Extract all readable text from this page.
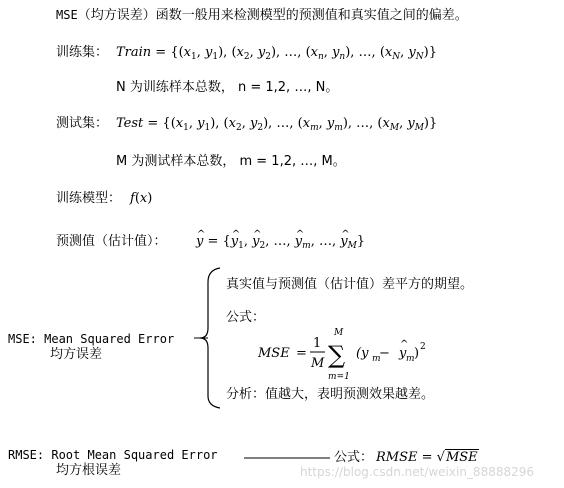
MSE（均方误差）函数一般用来检测模型的预测值和真实值之间的偏差。
训练集： Train = {($x_1$, $y_1$), ($x_2$, $y_2$), …, ($x_n$, $y_n$), …, ($x_N$, $y_N$)}
N 为训练样本总数， n = 1,2, …, N。
测试集： Test = {($x_1$, $y_1$), ($x_2$, $y_2$), …, ($x_m$, $y_m$), …, ($x_M$, $y_M$)}
M 为测试样本总数， m = 1,2, …, M。
训练模型： f(x)
预测值（估计值）：
^ y = {^ $y_1$, ^ $y_2$, …, ^ $y_m$, …, ^ $y_M$}
MSE: Mean Squared Error
均方误差
真实值与预测值（估计值）差平方的期望。
公式：
MSE =
1
M
M
∑
m=1
(y m
− y
^
m ) 2
分析：值越大，表明预测效果越差。
RMSE: Root Mean Squared Error
均方根误差
公式： RMSE = √MSE
https://blog.csdn.net/weixin_88888296
